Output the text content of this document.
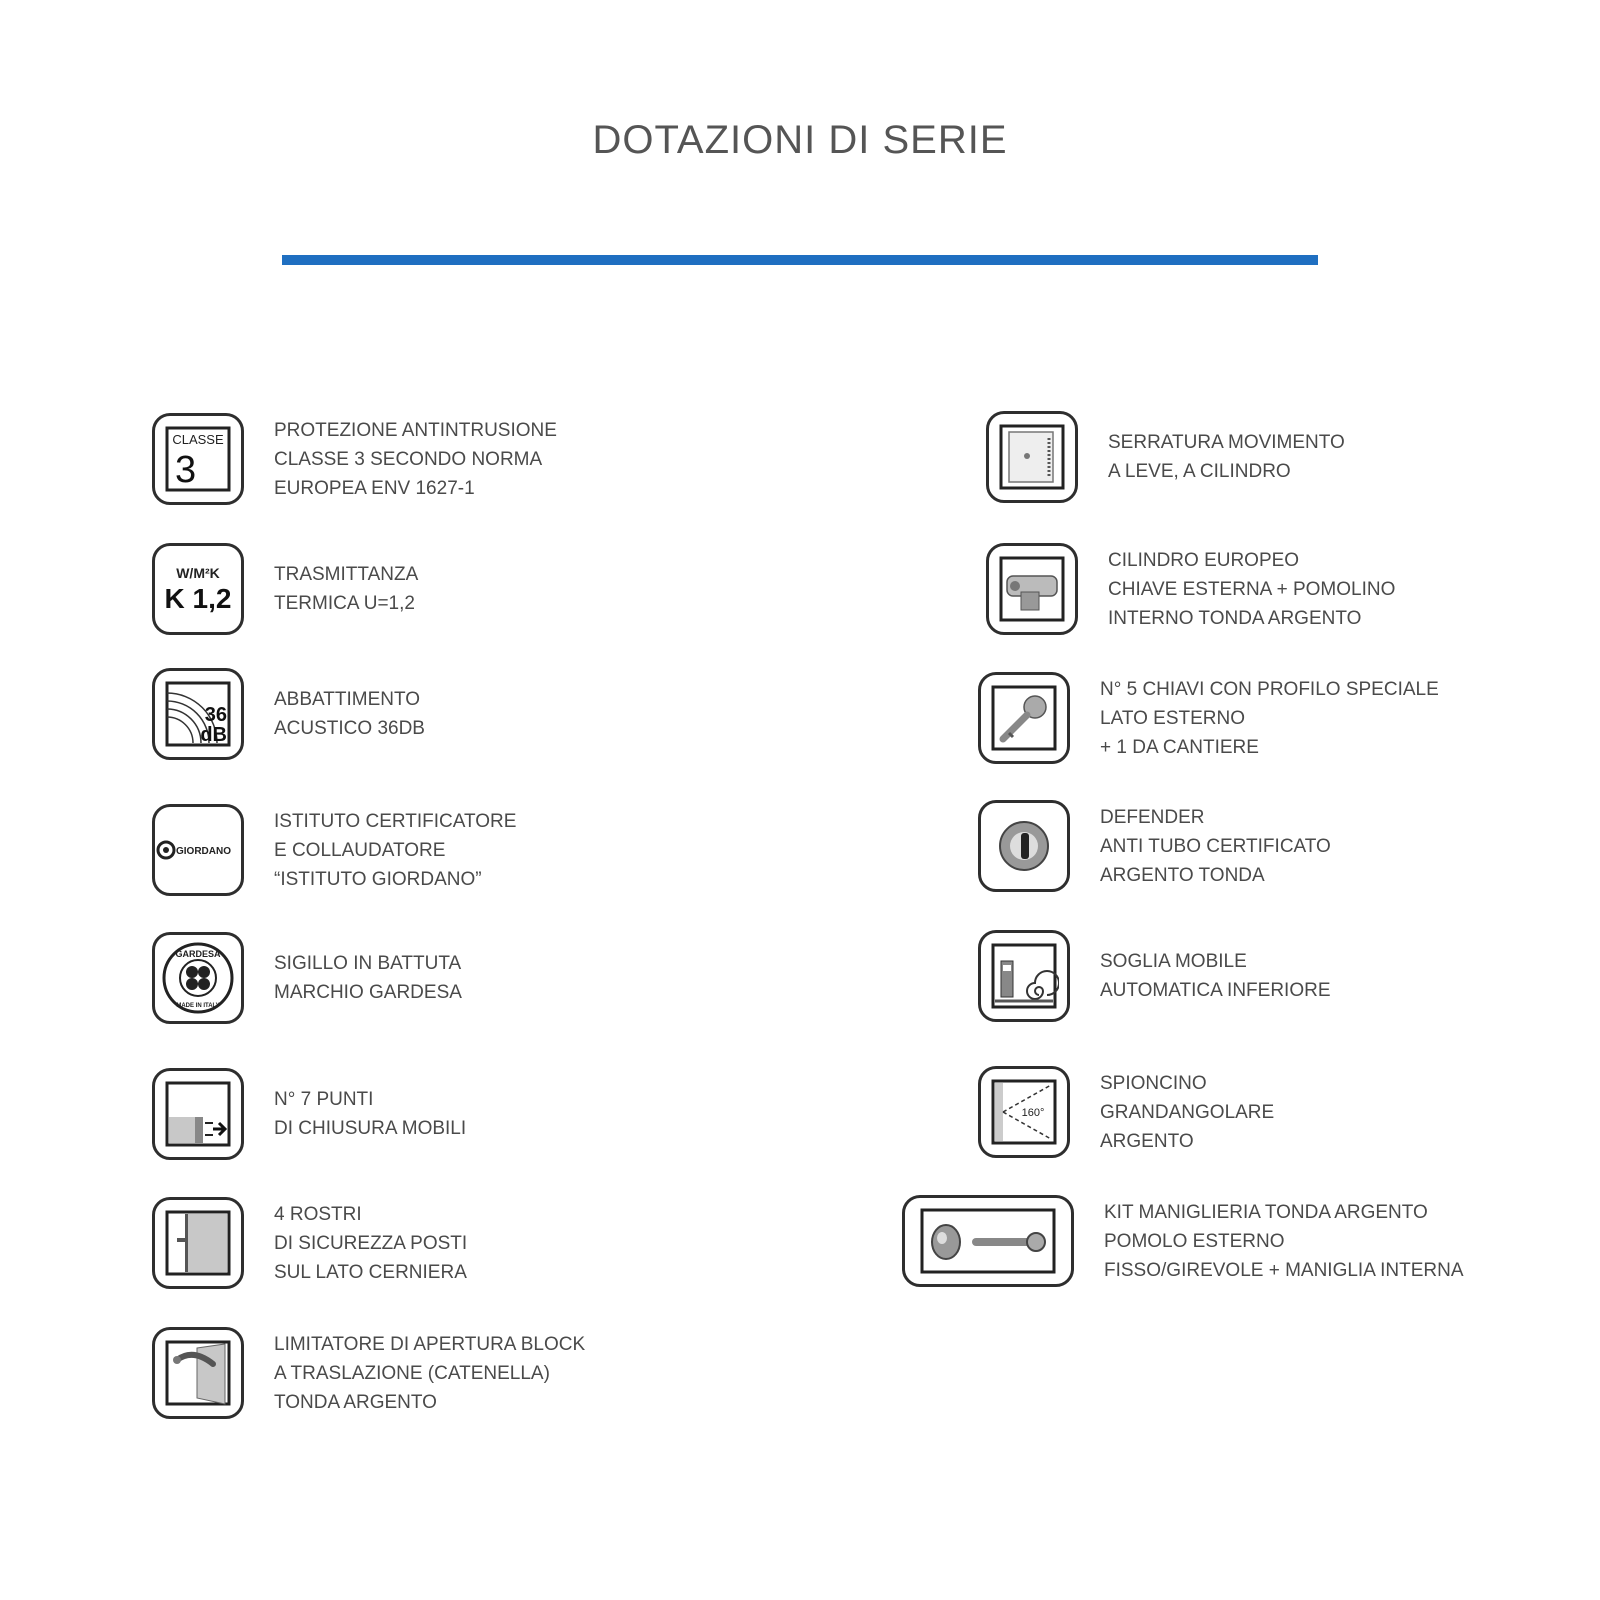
DOTAZIONI DI SERIE
CLASSE
3
PROTEZIONE ANTINTRUSIONE
CLASSE 3 SECONDO NORMA
EUROPEA ENV 1627-1
W/M²K
K 1,2
TRASMITTANZA
TERMICA U=1,2
36
dB
ABBATTIMENTO
ACUSTICO 36DB
GIORDANO
ISTITUTO CERTIFICATORE
E COLLAUDATORE
“ISTITUTO GIORDANO”
GARDESA
MADE IN ITALY
SIGILLO IN BATTUTA
MARCHIO GARDESA
N° 7 PUNTI
DI CHIUSURA MOBILI
4 ROSTRI
DI SICUREZZA POSTI
SUL LATO CERNIERA
LIMITATORE DI APERTURA BLOCK
A TRASLAZIONE (CATENELLA)
TONDA ARGENTO
SERRATURA MOVIMENTO
A LEVE, A CILINDRO
CILINDRO EUROPEO
CHIAVE ESTERNA + POMOLINO
INTERNO TONDA ARGENTO
N° 5 CHIAVI CON PROFILO SPECIALE
LATO ESTERNO
+ 1 DA CANTIERE
DEFENDER
ANTI TUBO CERTIFICATO
ARGENTO TONDA
SOGLIA MOBILE
AUTOMATICA INFERIORE
160°
SPIONCINO
GRANDANGOLARE
ARGENTO
KIT MANIGLIERIA TONDA ARGENTO
POMOLO ESTERNO
FISSO/GIREVOLE + MANIGLIA INTERNA
